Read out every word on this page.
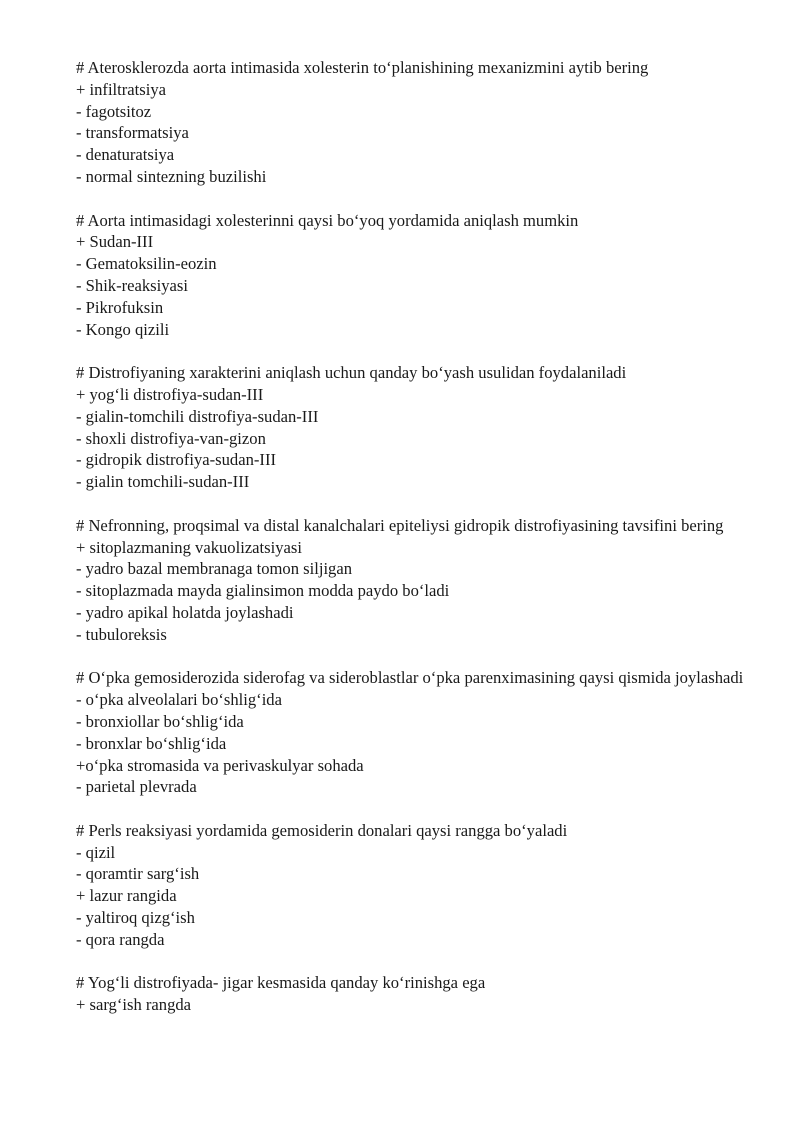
# Aterosklerozda aorta intimasida xolesterin to‘planishining mexanizmini aytib bering
+ infiltratsiya
- fagotsitoz
- transformatsiya
- denaturatsiya
- normal sintezning buzilishi
# Aorta intimasidagi xolesterinni qaysi bo‘yoq yordamida aniqlash mumkin
+ Sudan-III
- Gematoksilin-eozin
- Shik-reaksiyasi
- Pikrofuksin
- Kongo qizili
# Distrofiyaning xarakterini aniqlash uchun qanday bo‘yash usulidan foydalaniladi
+ yog‘li distrofiya-sudan-III
- gialin-tomchili distrofiya-sudan-III
- shoxli distrofiya-van-gizon
- gidropik distrofiya-sudan-III
- gialin tomchili-sudan-III
# Nefronning, proqsimal va distal kanalchalari epiteliysi gidropik distrofiyasining tavsifini bering
+ sitoplazmaning vakuolizatsiyasi
- yadro bazal membranaga tomon siljigan
- sitoplazmada mayda gialinsimon modda paydo bo‘ladi
- yadro apikal holatda joylashadi
- tubuloreksis
# O‘pka gemosiderozida siderofag va sideroblastlar o‘pka parenximasining qaysi qismida joylashadi
- o‘pka alveolalari bo‘shlig‘ida
- bronxiollar bo‘shlig‘ida
- bronxlar bo‘shlig‘ida
+o‘pka stromasida va perivaskulyar sohada
- parietal plevrada
# Perls reaksiyasi yordamida gemosiderin donalari qaysi rangga bo‘yaladi
- qizil
- qoramtir sarg‘ish
+ lazur rangida
- yaltiroq qizg‘ish
- qora rangda
# Yog‘li distrofiyada- jigar kesmasida qanday ko‘rinishga ega
+ sarg‘ish rangda
